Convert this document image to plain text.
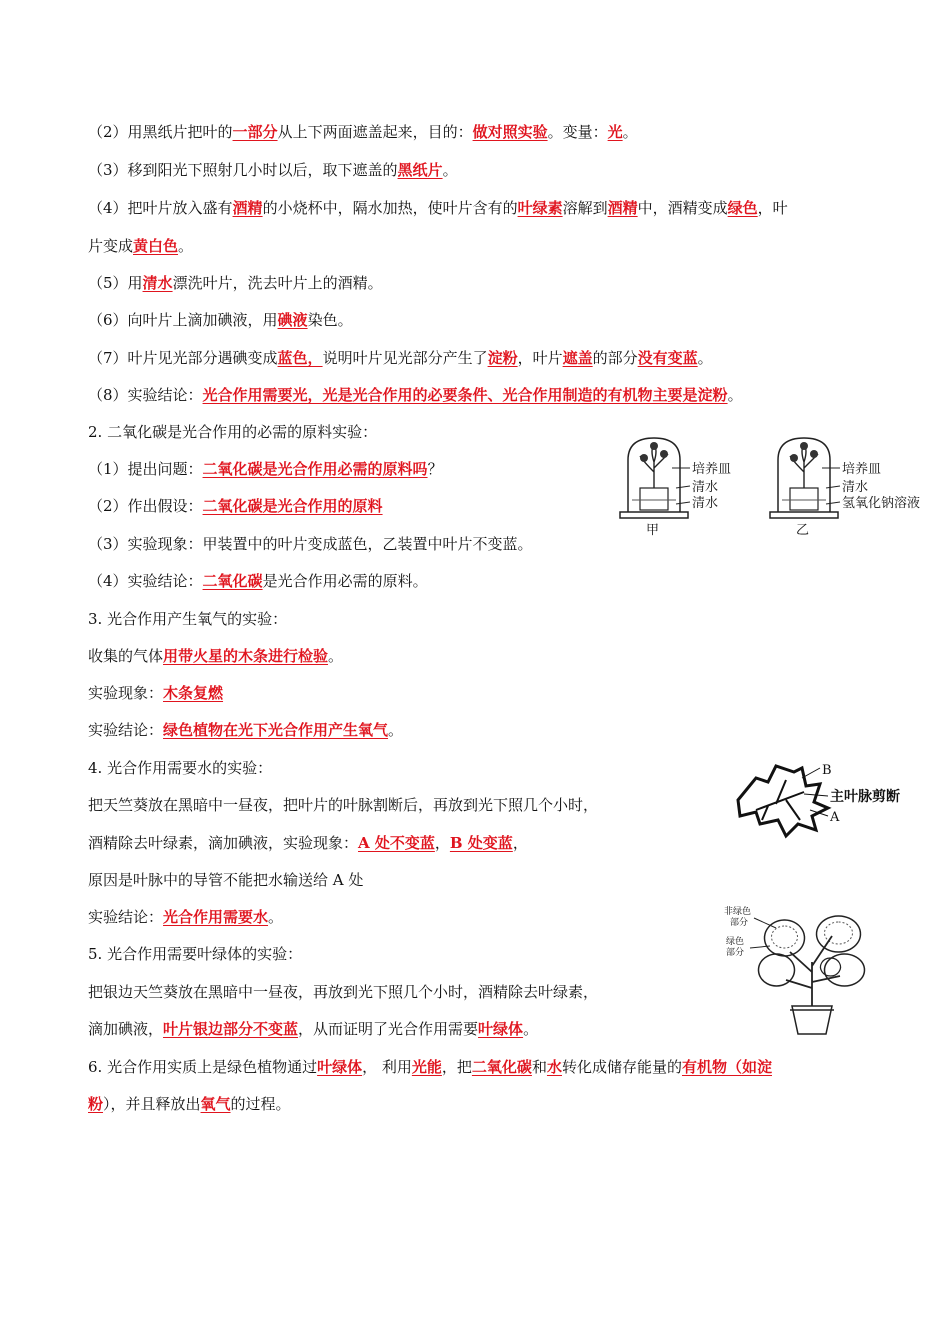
（2）用黑纸片把叶的一部分从上下两面遮盖起来，目的：做对照实验。变量：光。
（3）移到阳光下照射几小时以后，取下遮盖的黑纸片。
（4）把叶片放入盛有酒精的小烧杯中，隔水加热，使叶片含有的叶绿素溶解到酒精中，酒精变成绿色，叶
片变成黄白色。
（5）用清水漂洗叶片，洗去叶片上的酒精。
（6）向叶片上滴加碘液，用碘液染色。
（7）叶片见光部分遇碘变成蓝色，说明叶片见光部分产生了淀粉，叶片遮盖的部分没有变蓝。
（8）实验结论：光合作用需要光，光是光合作用的必要条件、光合作用制造的有机物主要是淀粉。
2. 二氧化碳是光合作用的必需的原料实验：
（1）提出问题：二氧化碳是光合作用必需的原料吗？
（2）作出假设：二氧化碳是光合作用的原料
（3）实验现象：甲装置中的叶片变成蓝色，乙装置中叶片不变蓝。
（4）实验结论：二氧化碳是光合作用必需的原料。
3. 光合作用产生氧气的实验：
收集的气体用带火星的木条进行检验。
实验现象：木条复燃
实验结论：绿色植物在光下光合作用产生氧气。
4. 光合作用需要水的实验：
把天竺葵放在黑暗中一昼夜，把叶片的叶脉割断后，再放到光下照几个小时，
酒精除去叶绿素，滴加碘液，实验现象：A 处不变蓝，B 处变蓝，
原因是叶脉中的导管不能把水输送给 A 处
实验结论：光合作用需要水。
5. 光合作用需要叶绿体的实验：
把银边天竺葵放在黑暗中一昼夜，再放到光下照几个小时，酒精除去叶绿素，
滴加碘液，叶片银边部分不变蓝，从而证明了光合作用需要叶绿体。
6. 光合作用实质上是绿色植物通过叶绿体， 利用光能，把二氧化碳和水转化成储存能量的有机物（如淀
粉），并且释放出氧气的过程。
培养皿
清水
清水
甲
培养皿
清水
氢氧化钠溶液
乙
B
主叶脉剪断
A
非绿色
部分
绿色
部分
